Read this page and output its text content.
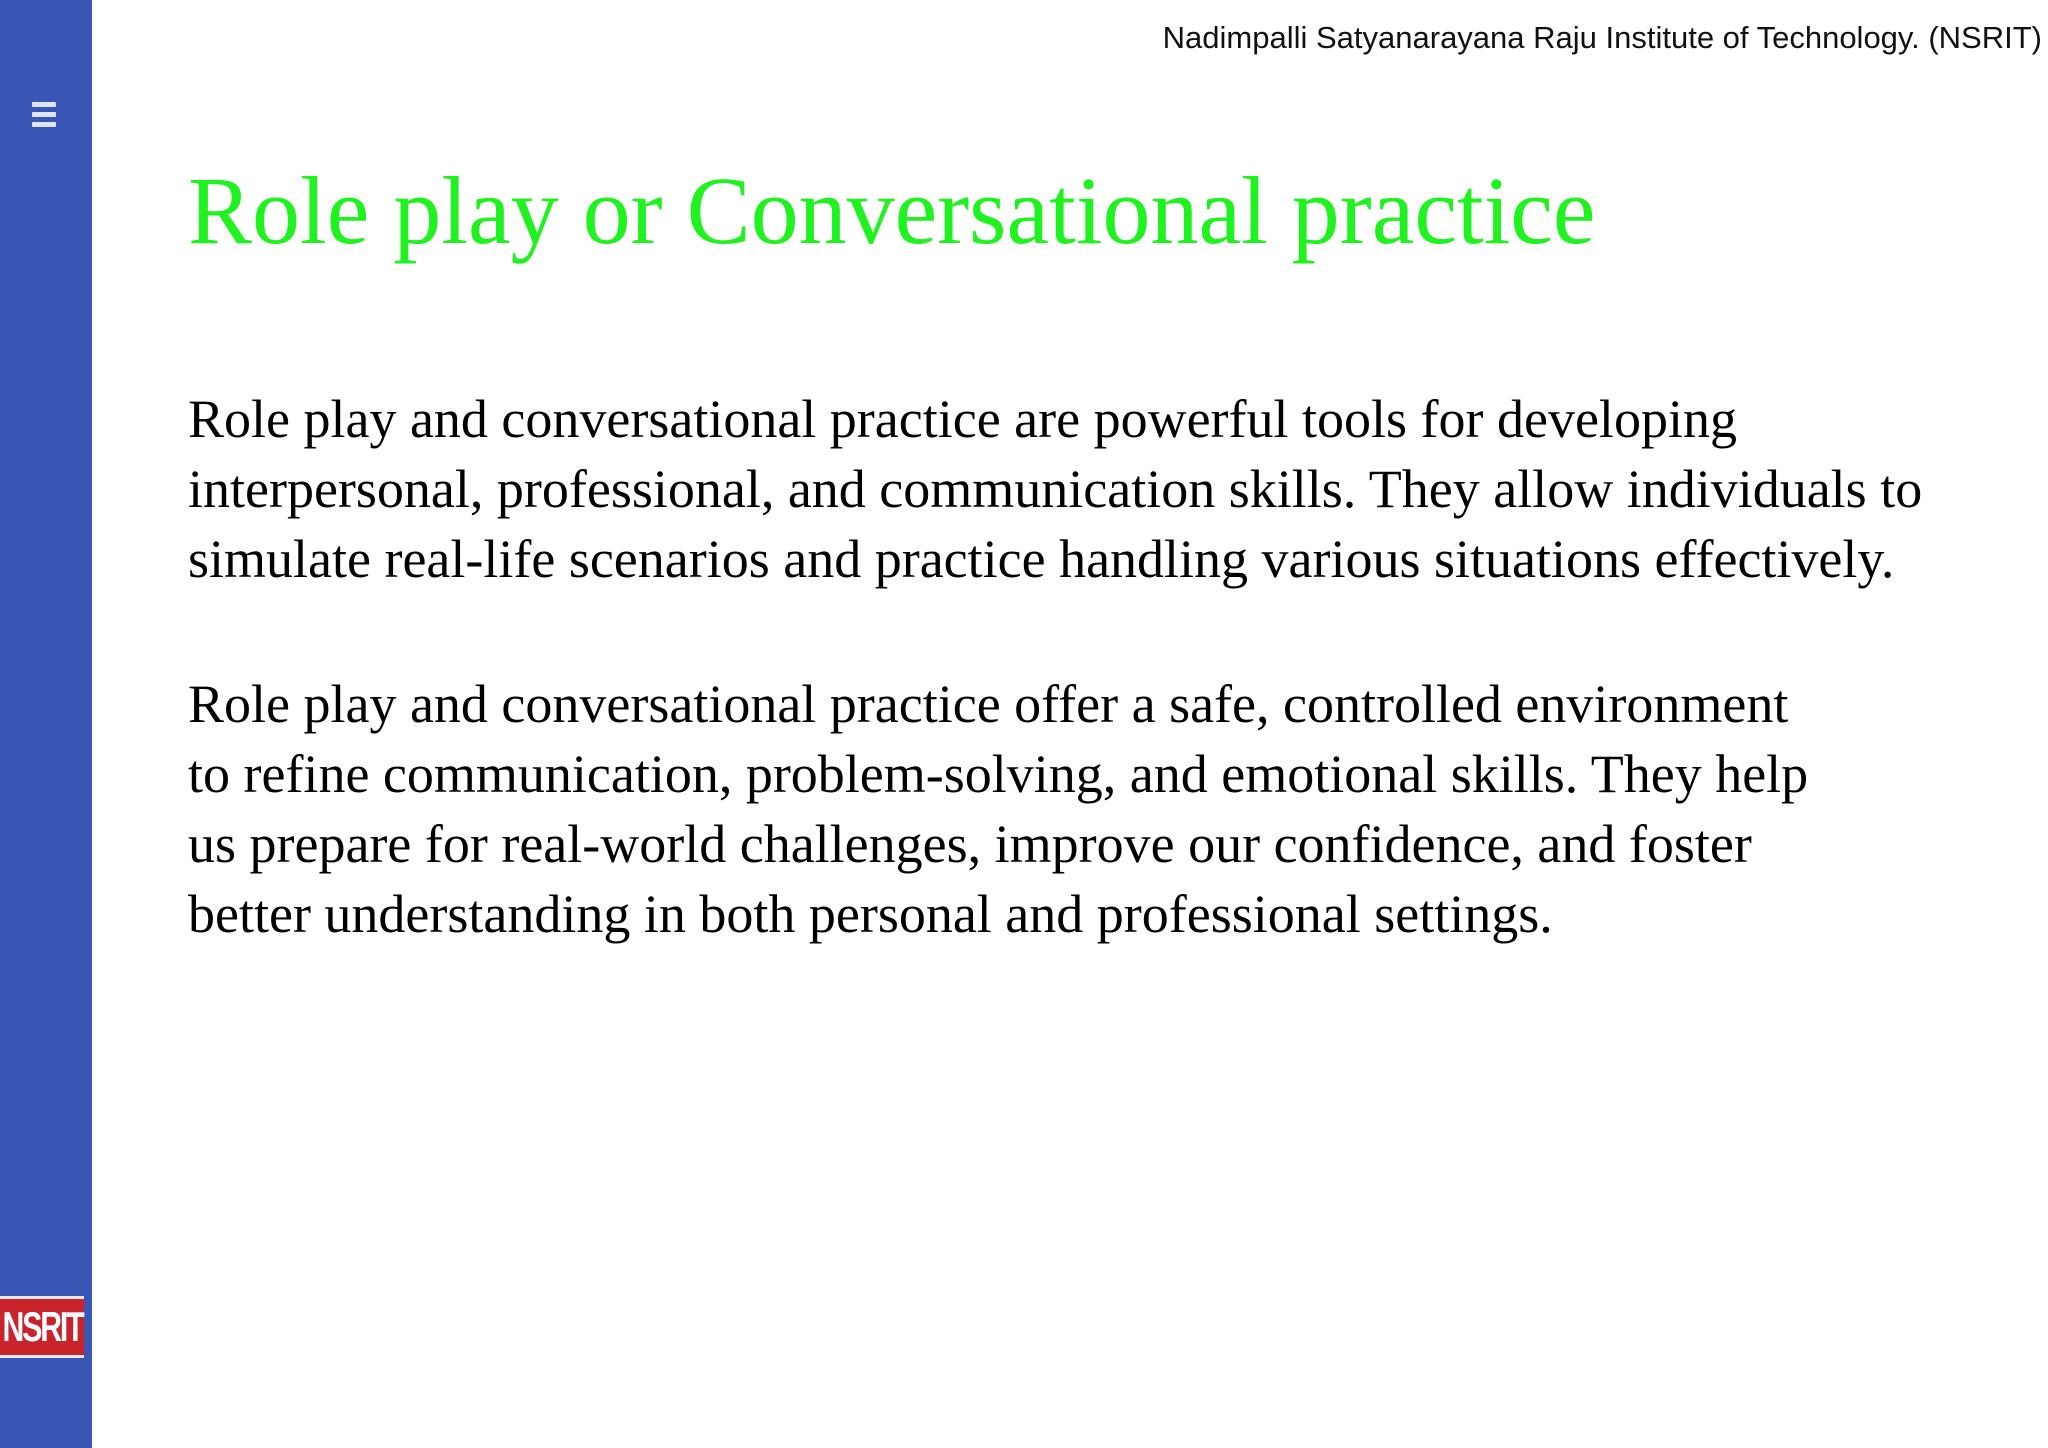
NSRIT
Nadimpalli Satyanarayana Raju Institute of Technology. (NSRIT)
Role play or Conversational practice

Role play and conversational practice are powerful tools for developing
interpersonal, professional, and communication skills. They allow individuals to
simulate real-life scenarios and practice handling various situations effectively.

Role play and conversational practice offer a safe, controlled environment
to refine communication, problem-solving, and emotional skills. They help
us prepare for real-world challenges, improve our confidence, and foster
better understanding in both personal and professional settings.
